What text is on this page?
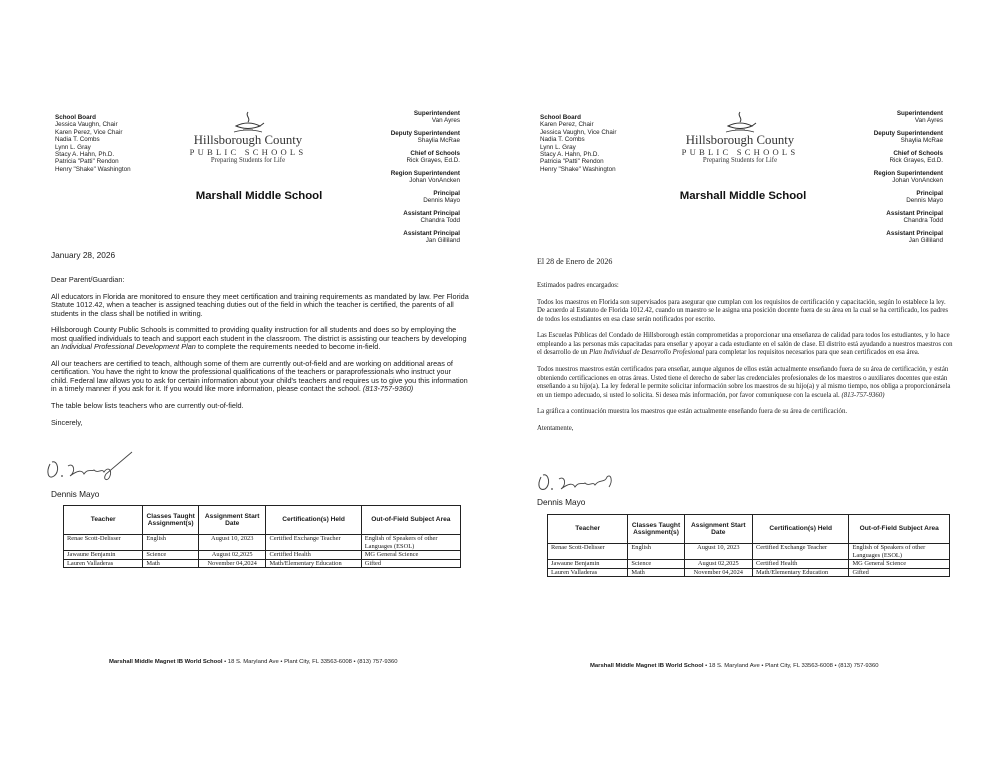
School Board
Jessica Vaughn, Chair
Karen Perez, Vice Chair
Nadia T. Combs
Lynn L. Gray
Stacy A. Hahn, Ph.D.
Patricia "Patti" Rendon
Henry "Shake" Washington
Hillsborough County
PUBLIC SCHOOLS
Preparing Students for Life
Marshall Middle School
Superintendent
Van Ayres
Deputy Superintendent
Shaylia McRae
Chief of Schools
Rick Grayes, Ed.D.
Region Superintendent
Johan VonAncken
Principal
Dennis Mayo
Assistant Principal
Chandra Todd
Assistant Principal
Jan Gilliland
January 28, 2026

Dear Parent/Guardian:

All educators in Florida are monitored to ensure they meet certification and training requirements as mandated by law. Per Florida Statute 1012.42, when a teacher is assigned teaching duties out of the field in which the teacher is certified, the parents of all students in the class shall be notified in writing.

Hillsborough County Public Schools is committed to providing quality instruction for all students and does so by employing the most qualified individuals to teach and support each student in the classroom. The district is assisting our teachers by developing an Individual Professional Development Plan to complete the requirements needed to become in-field.

All our teachers are certified to teach, although some of them are currently out-of-field and are working on additional areas of certification. You have the right to know the professional qualifications of the teachers or paraprofessionals who instruct your child. Federal law allows you to ask for certain information about your child's teachers and requires us to give you this information in a timely manner if you ask for it. If you would like more information, please contact the school. (813-757-9360)

The table below lists teachers who are currently out-of-field.

Sincerely,

Dennis Mayo
Teacher	Classes Taught Assignment(s)	Assignment Start Date	Certification(s) Held	Out-of-Field Subject Area
Renae Scott-Delisser	English	August 10, 2023	Certified Exchange Teacher	English of Speakers of other Languages (ESOL)
Jawaune Benjamin	Science	August 02,2025	Certified Health	MG General Science
Lauren Valladeras	Math	November 04,2024	Math/Elementary Education	Gifted
Marshall Middle Magnet IB World School • 18 S. Maryland Ave • Plant City, FL 33563-6008 • (813) 757-9360
School Board
Karen Perez, Chair
Jessica Vaughn, Vice Chair
Nadia T. Combs
Lynn L. Gray
Stacy A. Hahn, Ph.D.
Patricia "Patti" Rendon
Henry "Shake" Washington
Hillsborough County
PUBLIC SCHOOLS
Preparing Students for Life
Marshall Middle School
Superintendent
Van Ayres
Deputy Superintendent
Shaylia McRae
Chief of Schools
Rick Grayes, Ed.D.
Region Superintendent
Johan VonAncken
Principal
Dennis Mayo
Assistant Principal
Chandra Todd
Assistant Principal
Jan Gilliland
El 28 de Enero de 2026

Estimados padres encargados:

Todos los maestros en Florida son supervisados para asegurar que cumplan con los requisitos de certificación y capacitación, según lo establece la ley. De acuerdo al Estatuto de Florida 1012.42, cuando un maestro se le asigna una posición docente fuera de su área en la cual se ha certificado, los padres de todos los estudiantes en esa clase serán notificados por escrito.

Las Escuelas Públicas del Condado de Hillsborough están comprometidas a proporcionar una enseñanza de calidad para todos los estudiantes, y lo hace empleando a las personas más capacitadas para enseñar y apoyar a cada estudiante en el salón de clase. El distrito está ayudando a nuestros maestros con el desarrollo de un Plan Individual de Desarrollo Profesional para completar los requisitos necesarios para que sean certificados en esa área.

Todos nuestros maestros están certificados para enseñar, aunque algunos de ellos están actualmente enseñando fuera de su área de certificación, y están obteniendo certificaciones en otras áreas. Usted tiene el derecho de saber las credenciales profesionales de los maestros o auxiliares docentes que están enseñando a su hijo(a). La ley federal le permite solicitar información sobre los maestros de su hijo(a) y al mismo tiempo, nos obliga a proporcionársela en un tiempo adecuado, si usted lo solicita. Si desea más información, por favor comuníquese con la escuela al. (813-757-9360)

La gráfica a continuación muestra los maestros que están actualmente enseñando fuera de su área de certificación.

Atentamente,

Dennis Mayo
Teacher	Classes Taught Assignment(s)	Assignment Start Date	Certification(s) Held	Out-of-Field Subject Area
Renae Scott-Delisser	English	August 10, 2023	Certified Exchange Teacher	English of Speakers of other Languages (ESOL)
Jawaune Benjamin	Science	August 02,2025	Certified Health	MG General Science
Lauren Valladeras	Math	November 04,2024	Math/Elementary Education	Gifted
Marshall Middle Magnet IB World School • 18 S. Maryland Ave • Plant City, FL 33563-6008 • (813) 757-9360
